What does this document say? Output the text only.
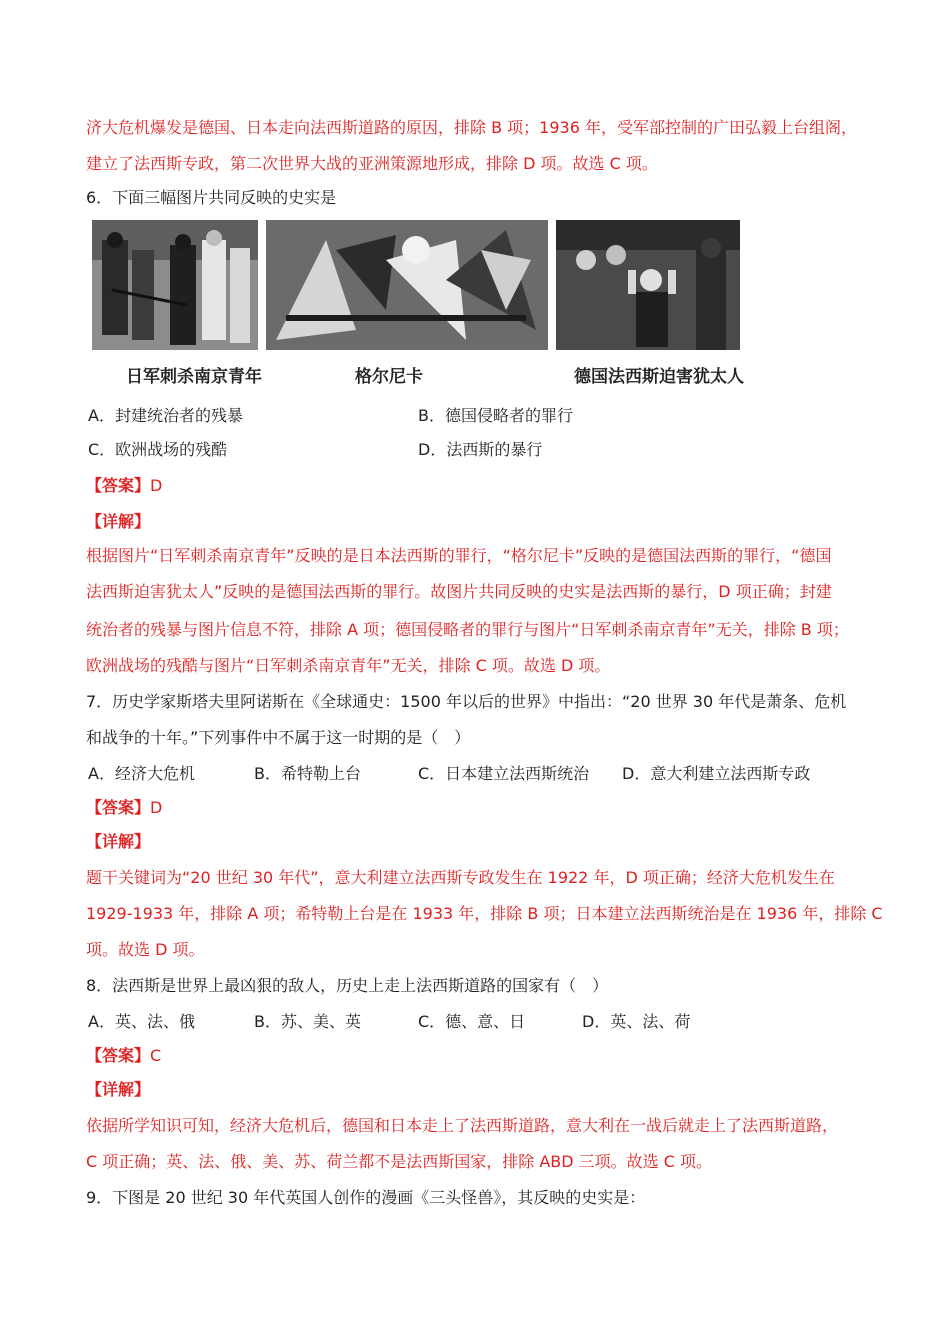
济大危机爆发是德国、日本走向法西斯道路的原因，排除 B 项；1936 年，受军部控制的广田弘毅上台组阁，
建立了法西斯专政，第二次世界大战的亚洲策源地形成，排除 D 项。故选 C 项。
6．下面三幅图片共同反映的史实是
日军刺杀南京青年	格尔尼卡	德国法西斯迫害犹太人
A．封建统治者的残暴	B．德国侵略者的罪行
C．欧洲战场的残酷	D．法西斯的暴行
【答案】D
【详解】
根据图片“日军刺杀南京青年”反映的是日本法西斯的罪行，“格尔尼卡”反映的是德国法西斯的罪行，“德国
法西斯迫害犹太人”反映的是德国法西斯的罪行。故图片共同反映的史实是法西斯的暴行，D 项正确；封建
统治者的残暴与图片信息不符，排除 A 项；德国侵略者的罪行与图片“日军刺杀南京青年”无关，排除 B 项；
欧洲战场的残酷与图片“日军刺杀南京青年”无关，排除 C 项。故选 D 项。
7．历史学家斯塔夫里阿诺斯在《全球通史：1500 年以后的世界》中指出：“20 世界 30 年代是萧条、危机
和战争的十年。”下列事件中不属于这一时期的是（　）
A．经济大危机	B．希特勒上台	C．日本建立法西斯统治 D．意大利建立法西斯专政
【答案】D
【详解】
题干关键词为“20 世纪 30 年代”，意大利建立法西斯专政发生在 1922 年，D 项正确；经济大危机发生在
1929-1933 年，排除 A 项；希特勒上台是在 1933 年，排除 B 项；日本建立法西斯统治是在 1936 年，排除 C
项。故选 D 项。
8．法西斯是世界上最凶狠的敌人，历史上走上法西斯道路的国家有（　）
A．英、法、俄	B．苏、美、英	C．德、意、日	D．英、法、荷
【答案】C
【详解】
依据所学知识可知，经济大危机后，德国和日本走上了法西斯道路，意大利在一战后就走上了法西斯道路，
C 项正确；英、法、俄、美、苏、荷兰都不是法西斯国家，排除 ABD 三项。故选 C 项。
9．下图是 20 世纪 30 年代英国人创作的漫画《三头怪兽》，其反映的史实是：
